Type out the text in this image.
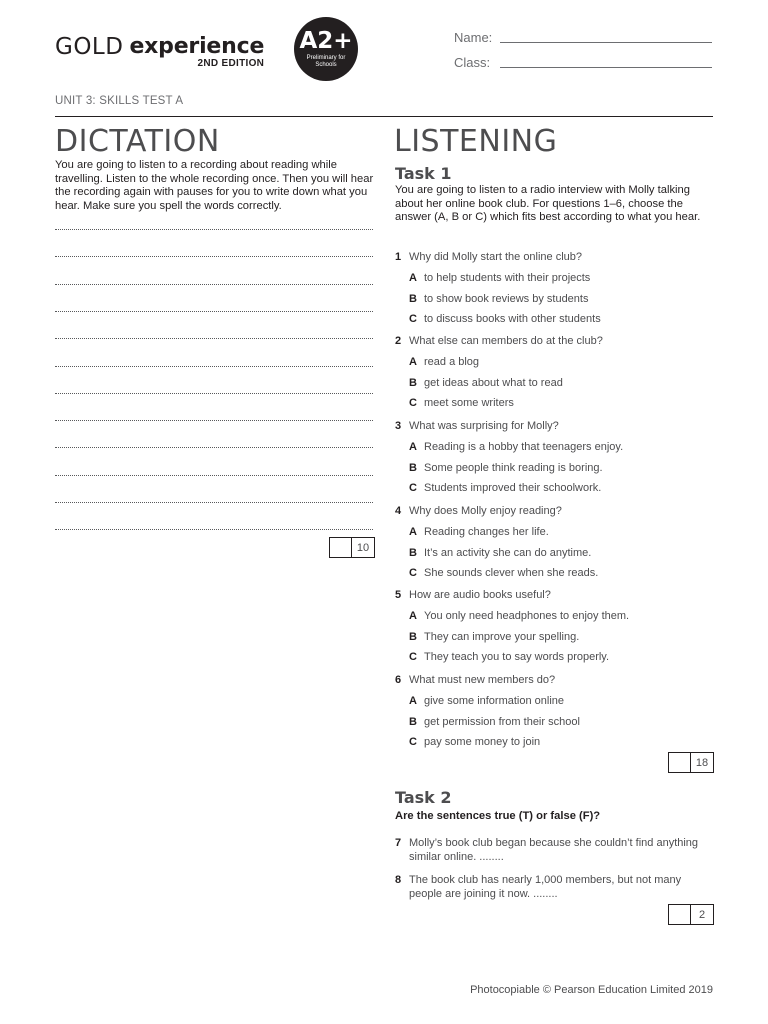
GOLD experience
2ND EDITION
A2+
Preliminary for Schools
Name:
Class:
UNIT 3: SKILLS TEST A
DICTATION
You are going to listen to a recording about reading while travelling. Listen to the whole recording once. Then you will hear the recording again with pauses for you to write down what you hear. Make sure you spell the words correctly.
10
LISTENING
Task 1
You are going to listen to a radio interview with Molly talking about her online book club. For questions 1–6, choose the answer (A, B or C) which fits best according to what you hear.
1 Why did Molly start the online club?
A to help students with their projects
B to show book reviews by students
C to discuss books with other students
2 What else can members do at the club?
A read a blog
B get ideas about what to read
C meet some writers
3 What was surprising for Molly?
A Reading is a hobby that teenagers enjoy.
B Some people think reading is boring.
C Students improved their schoolwork.
4 Why does Molly enjoy reading?
A Reading changes her life.
B It’s an activity she can do anytime.
C She sounds clever when she reads.
5 How are audio books useful?
A You only need headphones to enjoy them.
B They can improve your spelling.
C They teach you to say words properly.
6 What must new members do?
A give some information online
B get permission from their school
C pay some money to join
18
Task 2
Are the sentences true (T) or false (F)?
7 Molly’s book club began because she couldn’t find anything similar online. ........
8 The book club has nearly 1,000 members, but not many people are joining it now. ........
2
Photocopiable © Pearson Education Limited 2019
